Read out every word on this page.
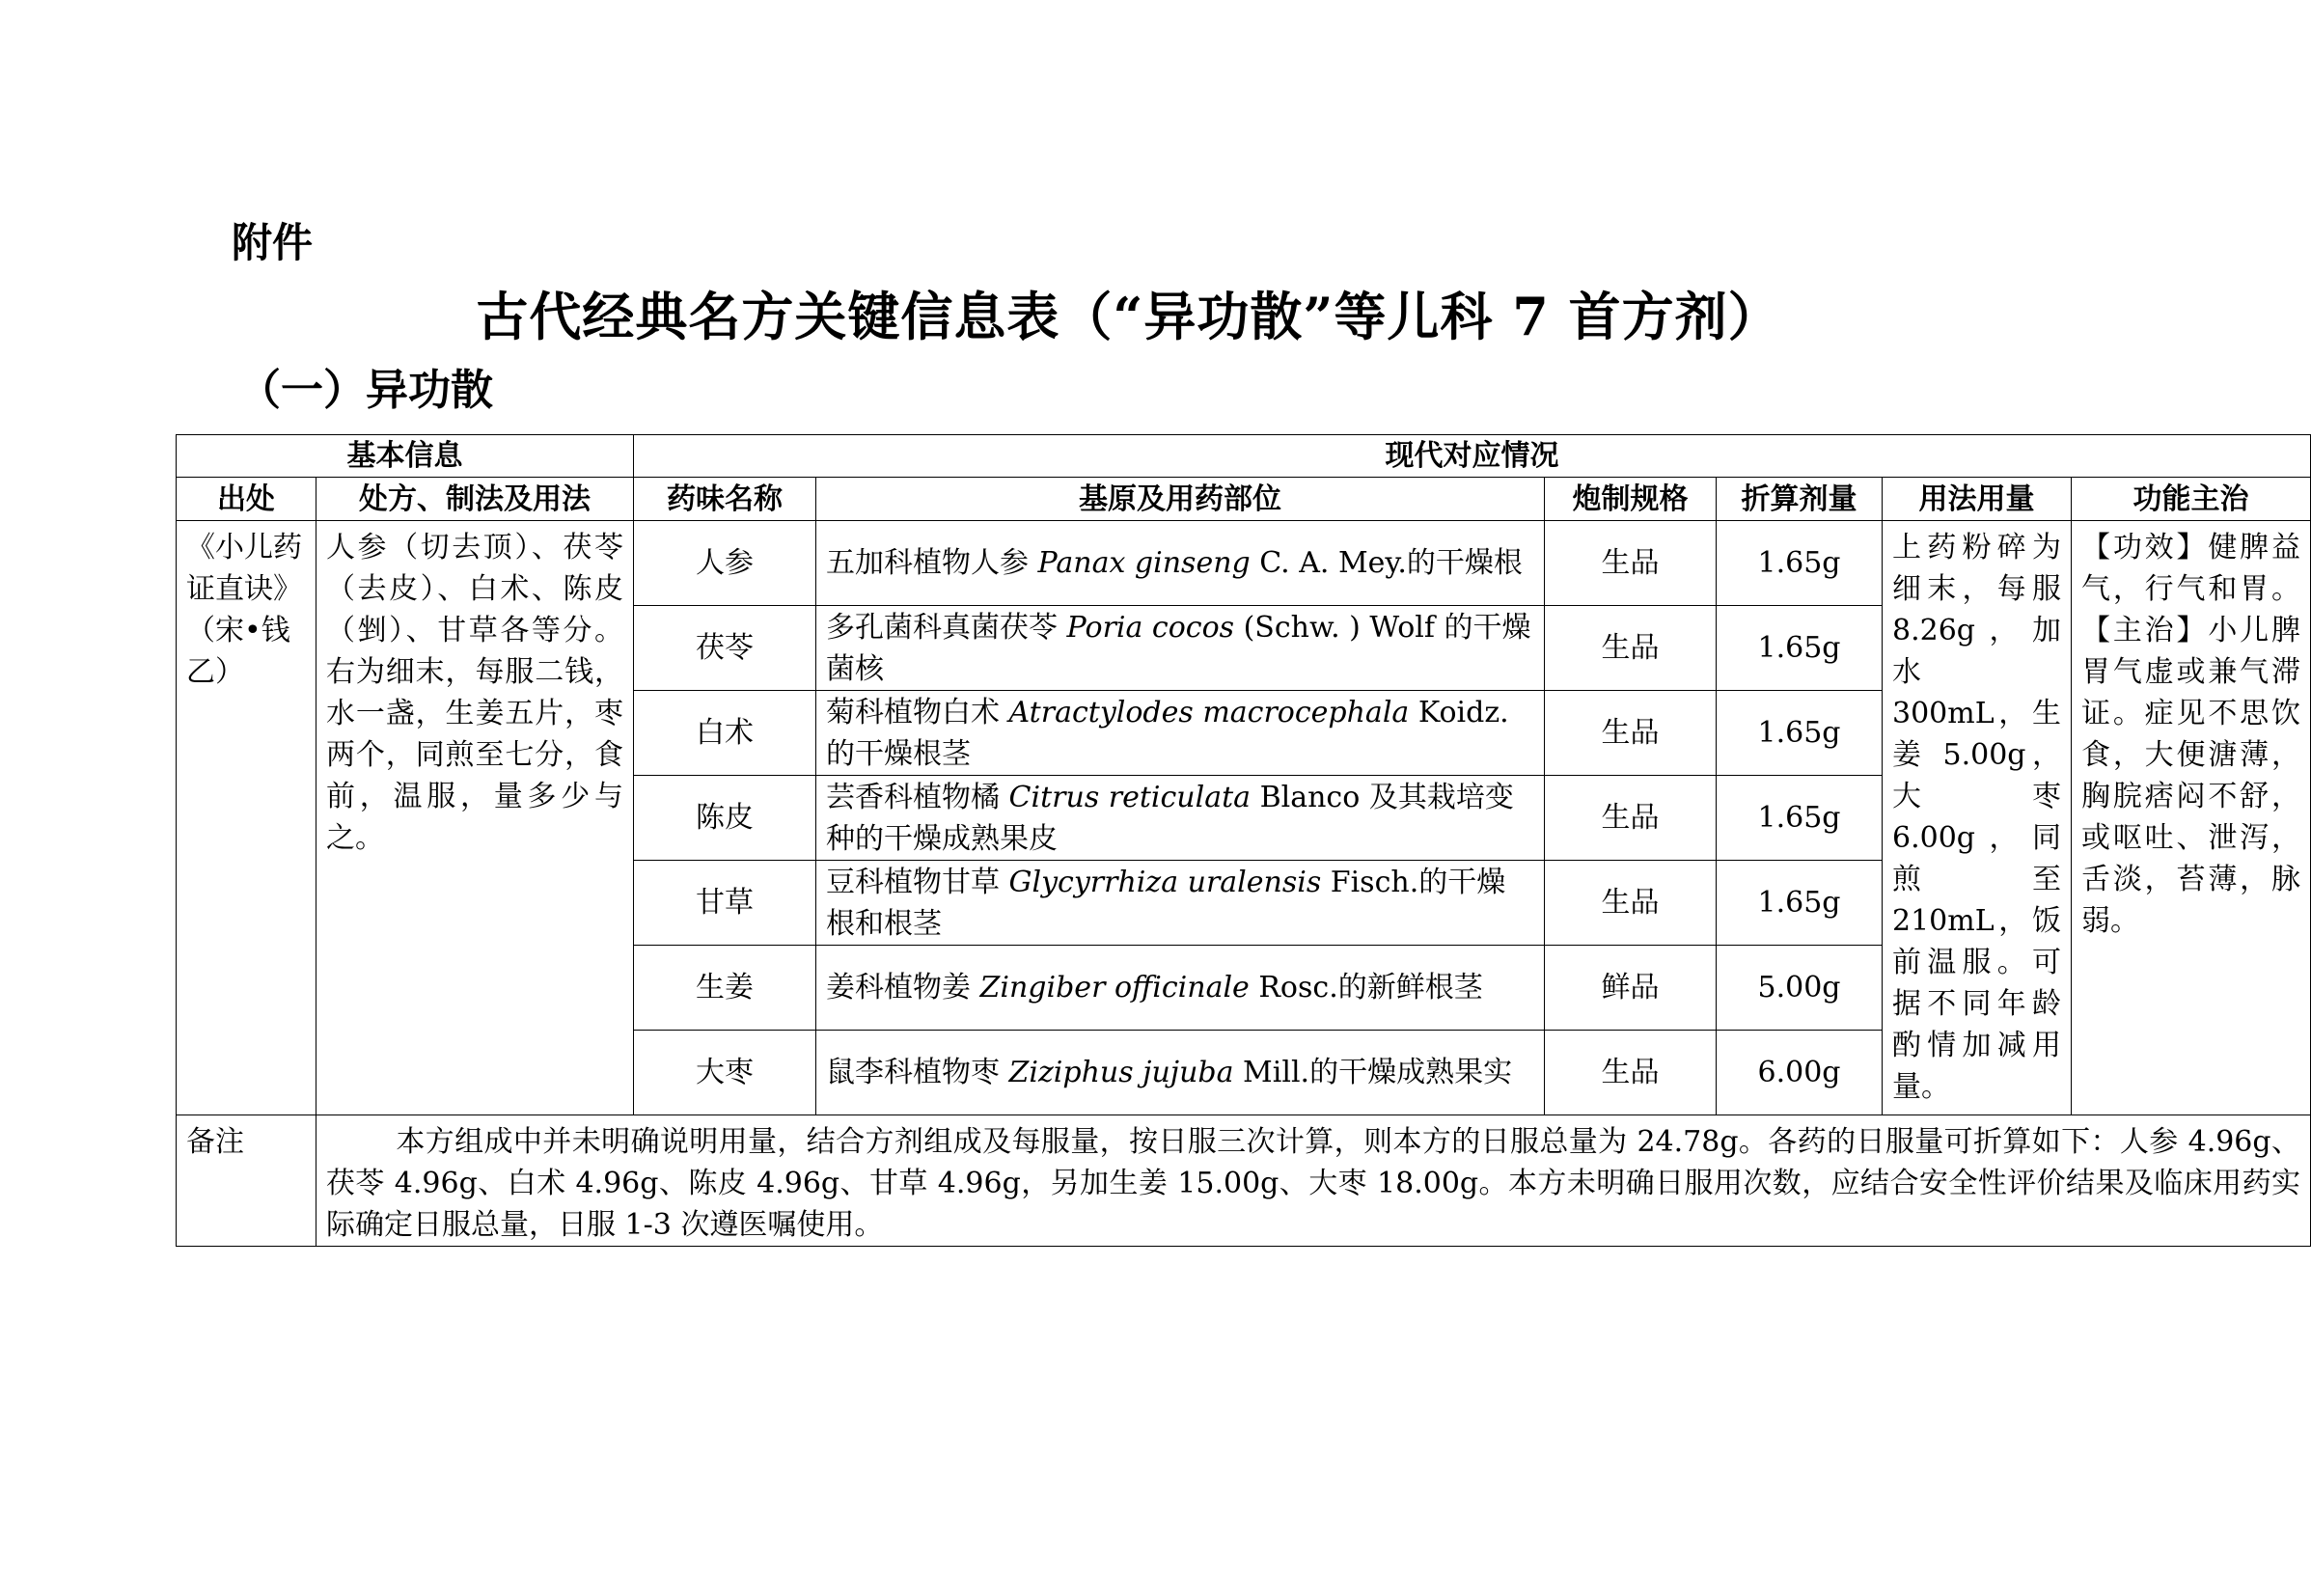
附件
古代经典名方关键信息表（“异功散”等儿科 7 首方剂）
（一）异功散
基本信息		现代对应情况					
出处	处方、制法及用法	药味名称	基原及用药部位	炮制规格	折算剂量	用法用量	功能主治
《小儿药证直诀》（宋•钱乙）	人参（切去顶）、茯苓（去皮）、白术、陈皮（剉）、甘草各等分。右为细末，每服二钱，水一盏，生姜五片，枣两个，同煎至七分，食前，温服，量多少与之。	人参	五加科植物人参 Panax ginseng C. A. Mey.的干燥根	生品	1.65g	上药粉碎为细末，每服 8.26g，加水 300mL，生姜 5.00g，大枣 6.00g，同煎至 210mL，饭前温服。可据不同年龄酌情加减用量。	【功效】健脾益气，行气和胃。【主治】小儿脾胃气虚或兼气滞证。症见不思饮食，大便溏薄，胸脘痞闷不舒，或呕吐、泄泻，舌淡，苔薄，脉弱。
		茯苓	多孔菌科真菌茯苓 Poria cocos (Schw. ) Wolf 的干燥菌核	生品	1.65g		
		白术	菊科植物白术 Atractylodes macrocephala Koidz.的干燥根茎	生品	1.65g		
		陈皮	芸香科植物橘 Citrus reticulata Blanco 及其栽培变种的干燥成熟果皮	生品	1.65g		
		甘草	豆科植物甘草 Glycyrrhiza uralensis Fisch.的干燥根和根茎	生品	1.65g		
		生姜	姜科植物姜 Zingiber officinale Rosc.的新鲜根茎	鲜品	5.00g		
		大枣	鼠李科植物枣 Ziziphus jujuba Mill.的干燥成熟果实	生品	6.00g		
备注	本方组成中并未明确说明用量，结合方剂组成及每服量，按日服三次计算，则本方的日服总量为 24.78g。各药的日服量可折算如下：人参 4.96g、茯苓 4.96g、白术 4.96g、陈皮 4.96g、甘草 4.96g，另加生姜 15.00g、大枣 18.00g。本方未明确日服用次数，应结合安全性评价结果及临床用药实际确定日服总量，日服 1-3 次遵医嘱使用。						
